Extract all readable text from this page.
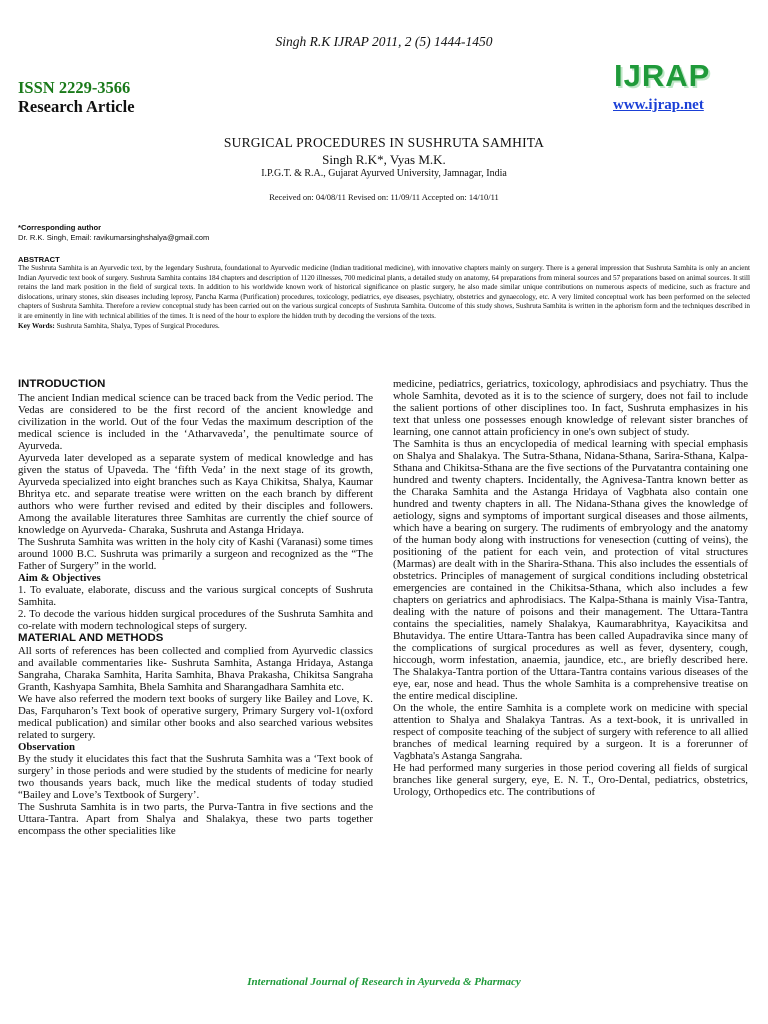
Singh R.K IJRAP 2011, 2 (5) 1444-1450
ISSN 2229-3566
Research Article
IJRAP
www.ijrap.net
SURGICAL PROCEDURES IN SUSHRUTA SAMHITA
Singh R.K*, Vyas M.K.
I.P.G.T. & R.A., Gujarat Ayurved University, Jamnagar, India
Received on: 04/08/11 Revised on: 11/09/11 Accepted on: 14/10/11
*Corresponding author
Dr. R.K. Singh, Email: ravikumarsinghshalya@gmail.com
ABSTRACT
The Sushruta Samhita is an Ayurvedic text, by the legendary Sushruta, foundational to Ayurvedic medicine (Indian traditional medicine), with innovative chapters mainly on surgery. There is a general impression that Sushruta Samhita is only an ancient Indian Ayurvedic text book of surgery. Sushruta Samhita contains 184 chapters and description of 1120 illnesses, 700 medicinal plants, a detailed study on anatomy, 64 preparations from mineral sources and 57 preparations based on animal sources. It still retains the land mark position in the field of surgical texts. In addition to his worldwide known work of historical significance on plastic surgery, he also made similar unique contributions on numerous aspects of medicine, such as fracture and dislocations, urinary stones, skin diseases including leprosy, Pancha Karma (Purification) procedures, toxicology, pediatrics, eye diseases, psychiatry, obstetrics and gynaecology, etc. A very limited conceptual work has been performed on the selected chapters of Sushruta Samhita. Therefore a review conceptual study has been carried out on the various surgical concepts of Sushruta Samhita. Outcome of this study shows, Sushruta Samhita is written in the aphorism form and the techniques described in it are eminently in line with technical abilities of the times. It is need of the hour to explore the hidden truth by decoding the versions of the texts.
Key Words: Sushruta Samhita, Shalya, Types of Surgical Procedures.
INTRODUCTION

The ancient Indian medical science can be traced back from the Vedic period. The Vedas are considered to be the first record of the ancient knowledge and civilization in the world. Out of the four Vedas the maximum description of the medical science is included in the ‘Atharvaveda’, the penultimate source of Ayurveda.

Ayurveda later developed as a separate system of medical knowledge and has given the status of Upaveda. The ‘fifth Veda’ in the next stage of its growth, Ayurveda specialized into eight branches such as Kaya Chikitsa, Shalya, Kaumar Bhritya etc. and separate treatise were written on the each branch by different authors who were further revised and edited by their disciples and followers. Among the available literatures three Samhitas are currently the chief source of knowledge on Ayurveda- Charaka, Sushruta and Astanga Hridaya.

The Sushruta Samhita was written in the holy city of Kashi (Varanasi) some times around 1000 B.C. Sushruta was primarily a surgeon and recognized as the “The Father of Surgery” in the world.

Aim & Objectives

1. To evaluate, elaborate, discuss and the various surgical concepts of Sushruta Samhita.

2. To decode the various hidden surgical procedures of the Sushruta Samhita and co-relate with modern technological steps of surgery.

MATERIAL AND METHODS

All sorts of references has been collected and complied from Ayurvedic classics and available commentaries like- Sushruta Samhita, Astanga Hridaya, Astanga Sangraha, Charaka Samhita, Harita Samhita, Bhava Prakasha, Chikitsa Sangraha Granth, Kashyapa Samhita, Bhela Samhita and Sharangadhara Samhita etc.

We have also referred the modern text books of surgery like Bailey and Love, K. Das, Farquharon’s Text book of operative surgery, Primary Surgery vol-1(oxford medical publication) and similar other books and also searched various websites related to surgery.

Observation

By the study it elucidates this fact that the Sushruta Samhita was a ‘Text book of surgery’ in those periods and were studied by the students of medicine for nearly two thousands years back, much like the medical students of today studied “Bailey and Love’s Textbook of Surgery’.

The Sushruta Samhita is in two parts, the Purva-Tantra in five sections and the Uttara-Tantra. Apart from Shalya and Shalakya, these two parts together encompass the other specialities like

medicine, pediatrics, geriatrics, toxicology, aphrodisiacs and psychiatry. Thus the whole Samhita, devoted as it is to the science of surgery, does not fail to include the salient portions of other disciplines too. In fact, Sushruta emphasizes in his text that unless one possesses enough knowledge of relevant sister branches of learning, one cannot attain proficiency in one's own subject of study.

The Samhita is thus an encyclopedia of medical learning with special emphasis on Shalya and Shalakya. The Sutra-Sthana, Nidana-Sthana, Sarira-Sthana, Kalpa-Sthana and Chikitsa-Sthana are the five sections of the Purvatantra containing one hundred and twenty chapters. Incidentally, the Agnivesa-Tantra known better as the Charaka Samhita and the Astanga Hridaya of Vagbhata also contain one hundred and twenty chapters in all. The Nidana-Sthana gives the knowledge of aetiology, signs and symptoms of important surgical diseases and those ailments, which have a bearing on surgery. The rudiments of embryology and the anatomy of the human body along with instructions for venesection (cutting of veins), the positioning of the patient for each vein, and protection of vital structures (Marmas) are dealt with in the Sharira-Sthana. This also includes the essentials of obstetrics. Principles of management of surgical conditions including obstetrical emergencies are contained in the Chikitsa-Sthana, which also includes a few chapters on geriatrics and aphrodisiacs. The Kalpa-Sthana is mainly Visa-Tantra, dealing with the nature of poisons and their management. The Uttara-Tantra contains the specialities, namely Shalakya, Kaumarabhritya, Kayacikitsa and Bhutavidya. The entire Uttara-Tantra has been called Aupadravika since many of the complications of surgical procedures as well as fever, dysentery, cough, hiccough, worm infestation, anaemia, jaundice, etc., are briefly described here. The Shalakya-Tantra portion of the Uttara-Tantra contains various diseases of the eye, ear, nose and head. Thus the whole Samhita is a comprehensive treatise on the entire medical discipline.

On the whole, the entire Samhita is a complete work on medicine with special attention to Shalya and Shalakya Tantras. As a text-book, it is unrivalled in respect of composite teaching of the subject of surgery with reference to all allied branches of medical learning required by a surgeon. It is a forerunner of Vagbhata's Astanga Sangraha.

He had performed many surgeries in those period covering all fields of surgical branches like general surgery, eye, E. N. T., Oro-Dental, pediatrics, obstetrics, Urology, Orthopedics etc. The contributions of

International Journal of Research in Ayurveda & Pharmacy
